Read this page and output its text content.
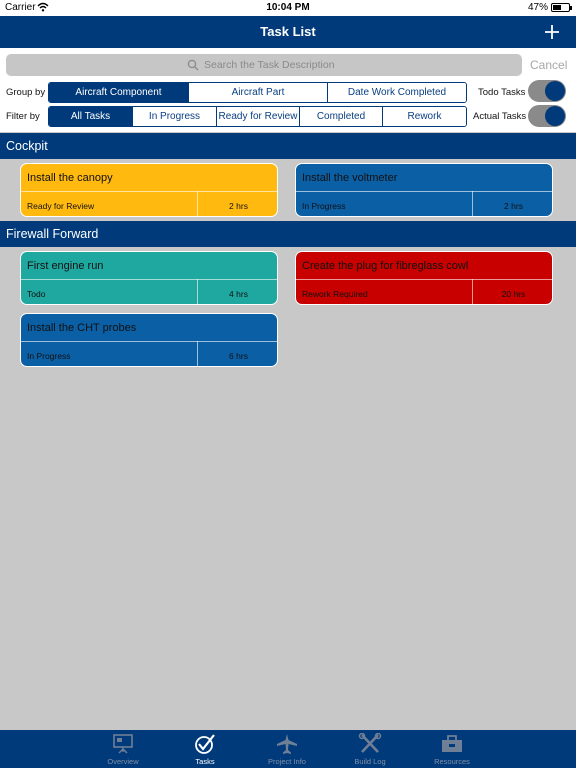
Carrier	10:04 PM	47%
Task List
Search the Task Description	Cancel
Group by	Aircraft Component	Aircraft Part	Date Work Completed
Filter by	All Tasks	In Progress	Ready for Review	Completed	Rework
Todo Tasks
Actual Tasks
Cockpit
Install the canopy
Ready for Review	2 hrs
Install the voltmeter
In Progress	2 hrs
Firewall Forward
First engine run
Todo	4 hrs
Create the plug for fibreglass cowl
Rework Required	20 hrs
Install the CHT probes
In Progress	6 hrs
Overview	Tasks	Project Info	Build Log	Resources
